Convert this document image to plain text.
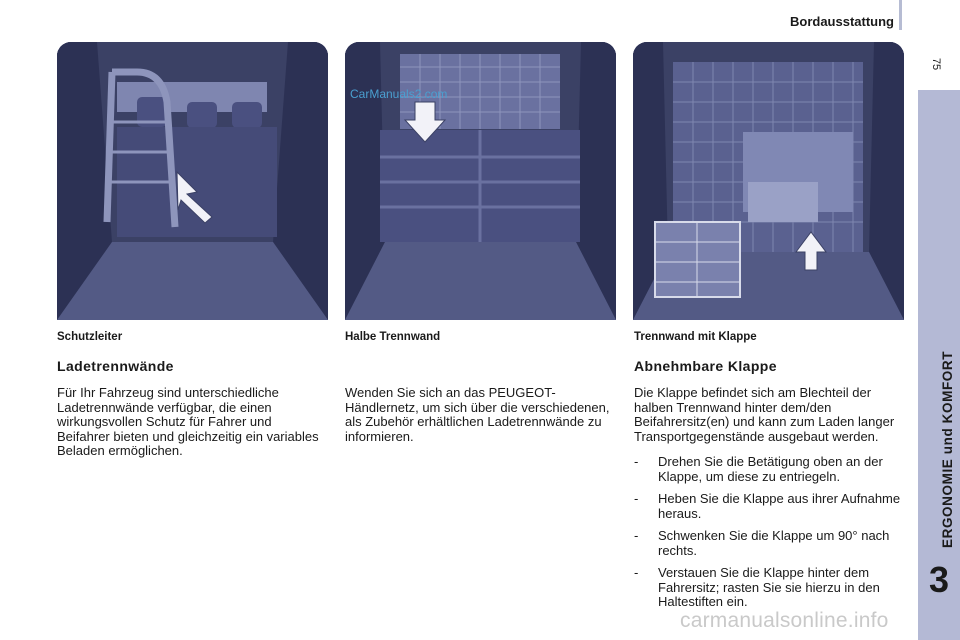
Bordausstattung
75
ERGONOMIE und KOMFORT
3
CarManuals2.com
Schutzleiter	Halbe Trennwand	Trennwand mit Klappe
Ladetrennwände
Für Ihr Fahrzeug sind unterschiedliche Ladetrennwände verfügbar, die einen wirkungsvollen Schutz für Fahrer und Beifahrer bieten und gleichzeitig ein variables Beladen ermöglichen.
Wenden Sie sich an das PEUGEOT-Händlernetz, um sich über die verschiedenen, als Zubehör erhältlichen Ladetrennwände zu informieren.
Abnehmbare Klappe
Die Klappe befindet sich am Blechteil der halben Trennwand hinter dem/den Beifahrersitz(en) und kann zum Laden langer Transportgegenstände ausgebaut werden.
- Drehen Sie die Betätigung oben an der Klappe, um diese zu entriegeln.
- Heben Sie die Klappe aus ihrer Aufnahme heraus.
- Schwenken Sie die Klappe um 90° nach rechts.
- Verstauen Sie die Klappe hinter dem Fahrersitz; rasten Sie sie hierzu in den Haltestiften ein.
carmanualsonline.info
